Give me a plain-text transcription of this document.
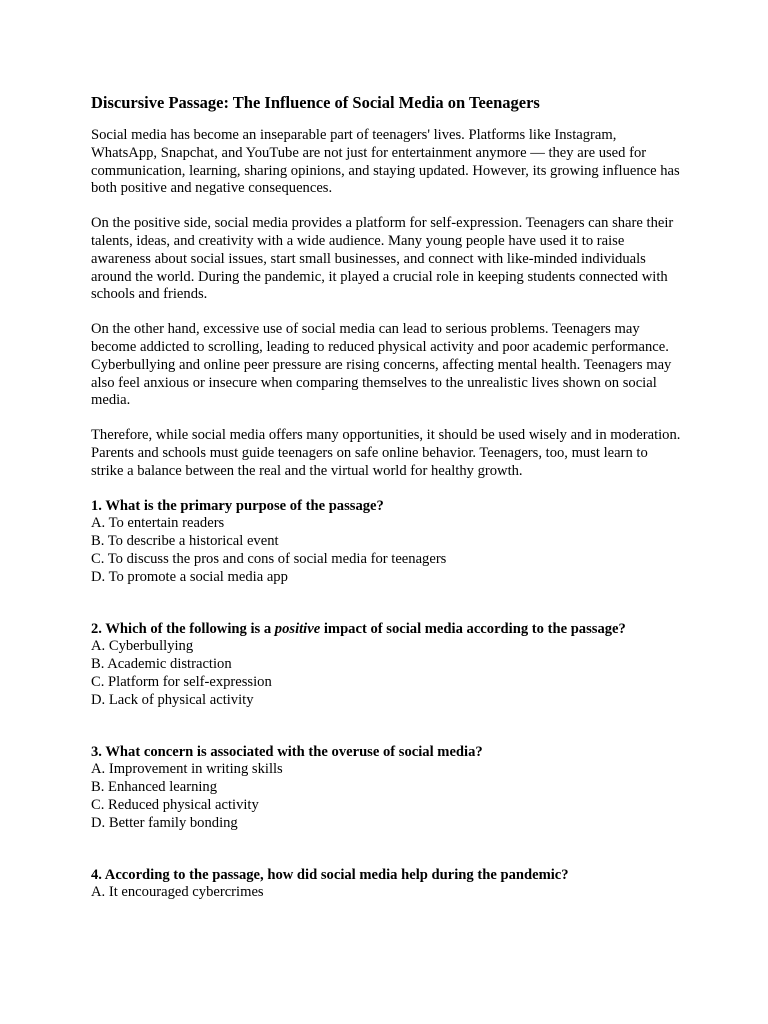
Discursive Passage: The Influence of Social Media on Teenagers

Social media has become an inseparable part of teenagers' lives. Platforms like Instagram, WhatsApp, Snapchat, and YouTube are not just for entertainment anymore — they are used for communication, learning, sharing opinions, and staying updated. However, its growing influence has both positive and negative consequences.

On the positive side, social media provides a platform for self-expression. Teenagers can share their talents, ideas, and creativity with a wide audience. Many young people have used it to raise awareness about social issues, start small businesses, and connect with like-minded individuals around the world. During the pandemic, it played a crucial role in keeping students connected with schools and friends.

On the other hand, excessive use of social media can lead to serious problems. Teenagers may become addicted to scrolling, leading to reduced physical activity and poor academic performance. Cyberbullying and online peer pressure are rising concerns, affecting mental health. Teenagers may also feel anxious or insecure when comparing themselves to the unrealistic lives shown on social media.

Therefore, while social media offers many opportunities, it should be used wisely and in moderation. Parents and schools must guide teenagers on safe online behavior. Teenagers, too, must learn to strike a balance between the real and the virtual world for healthy growth.

1. What is the primary purpose of the passage?

A. To entertain readers

B. To describe a historical event

C. To discuss the pros and cons of social media for teenagers

D. To promote a social media app

2. Which of the following is a positive impact of social media according to the passage?

A. Cyberbullying

B. Academic distraction

C. Platform for self-expression

D. Lack of physical activity

3. What concern is associated with the overuse of social media?

A. Improvement in writing skills

B. Enhanced learning

C. Reduced physical activity

D. Better family bonding

4. According to the passage, how did social media help during the pandemic?

A. It encouraged cybercrimes
